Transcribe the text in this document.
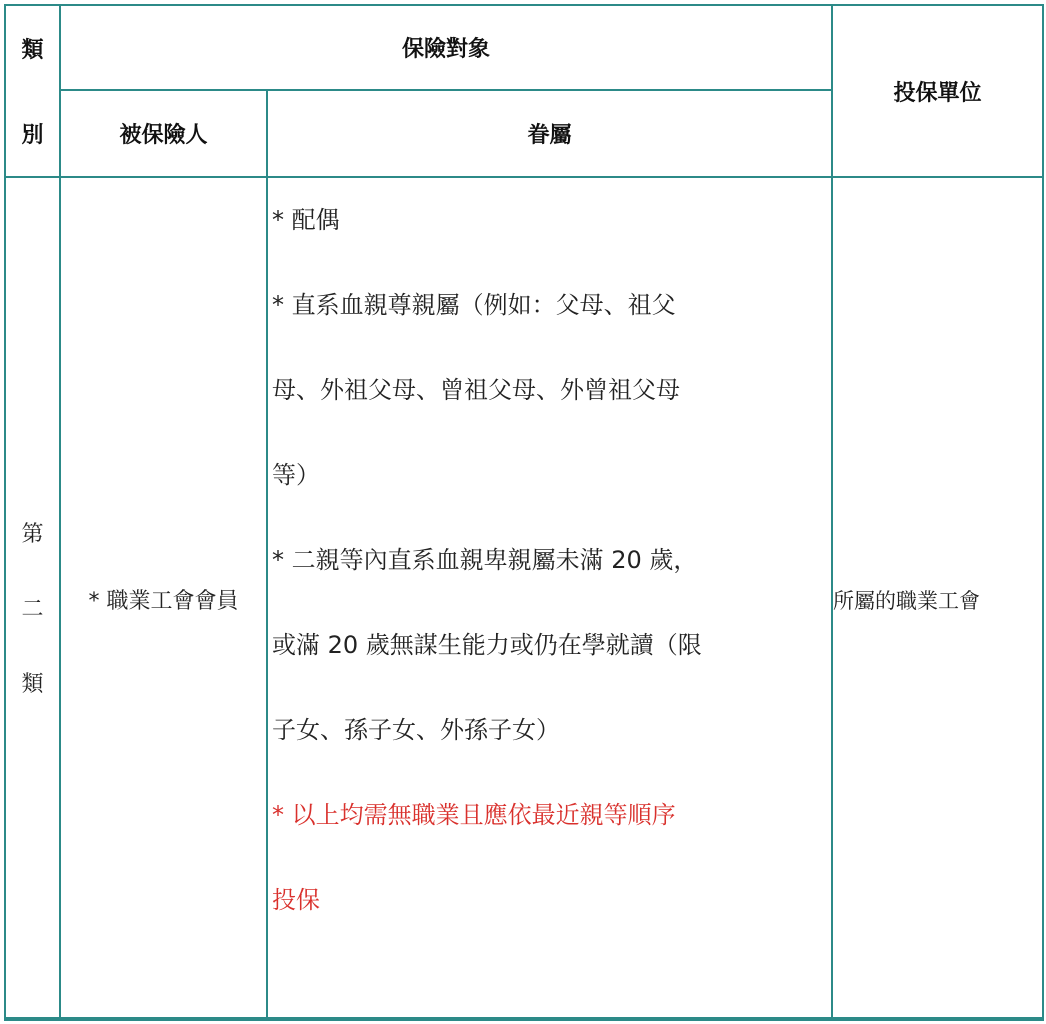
類
別
保險對象
被保險人	眷屬
投保單位
第
二
類
* 職業工會會員

* 配偶

* 直系血親尊親屬（例如：父母、祖父

母、外祖父母、曾祖父母、外曾祖父母

等）

* 二親等內直系血親卑親屬未滿 20 歲，

或滿 20 歲無謀生能力或仍在學就讀（限

子女、孫子女、外孫子女）

* 以上均需無職業且應依最近親等順序

投保

所屬的職業工會
